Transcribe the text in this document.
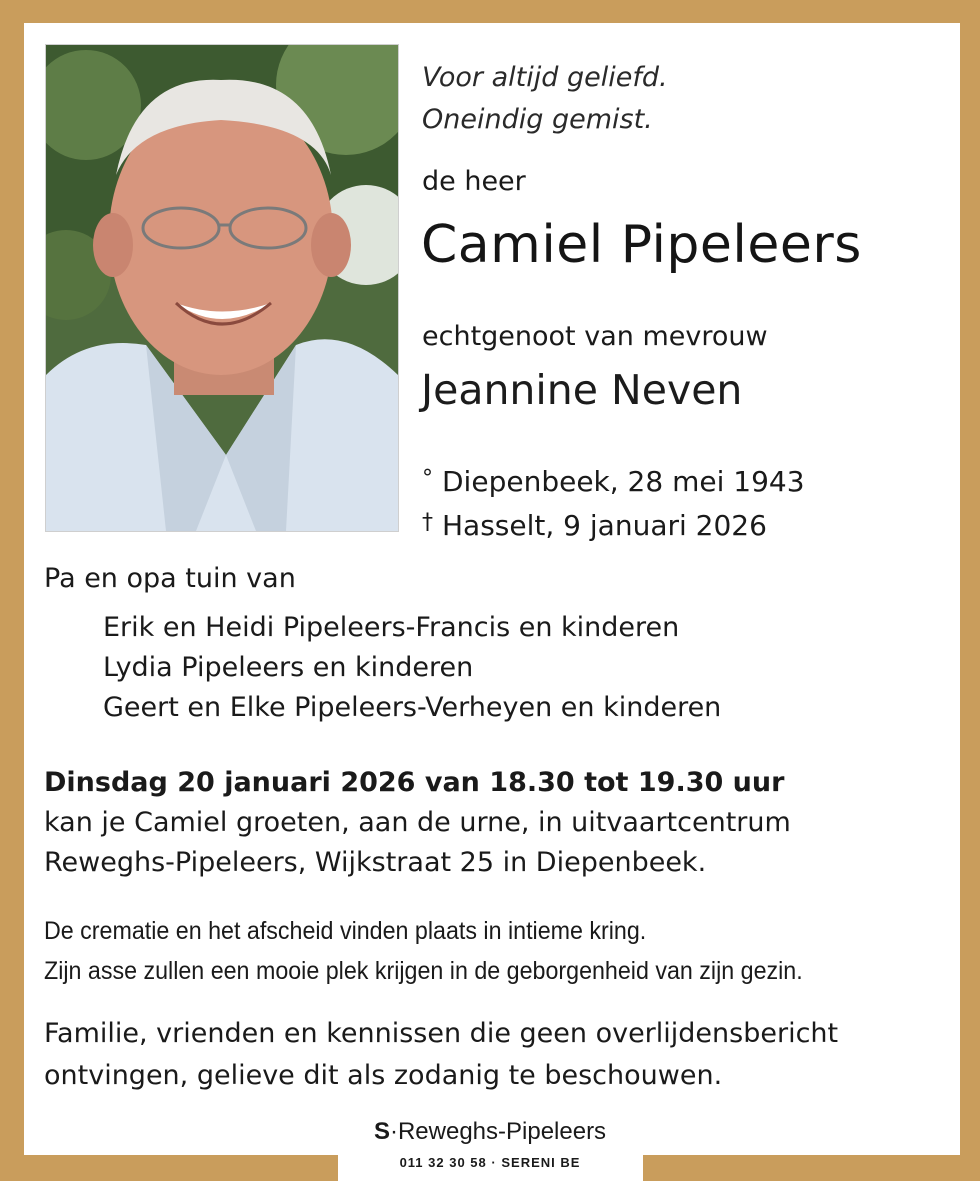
Voor altijd geliefd.
Oneindig gemist.
de heer
Camiel Pipeleers
echtgenoot van mevrouw
Jeannine Neven
° Diepenbeek, 28 mei 1943
† Hasselt, 9 januari 2026
Pa en opa tuin van
Erik en Heidi Pipeleers-Francis en kinderen
Lydia Pipeleers en kinderen
Geert en Elke Pipeleers-Verheyen en kinderen
Dinsdag 20 januari 2026 van 18.30 tot 19.30 uur
kan je Camiel groeten, aan de urne, in uitvaartcentrum
Reweghs-Pipeleers, Wijkstraat 25 in Diepenbeek.
De crematie en het afscheid vinden plaats in intieme kring.
Zijn asse zullen een mooie plek krijgen in de geborgenheid van zijn gezin.
Familie, vrienden en kennissen die geen overlijdensbericht
ontvingen, gelieve dit als zodanig te beschouwen.
S·Reweghs-Pipeleers
011 32 30 58 · SERENI BE
